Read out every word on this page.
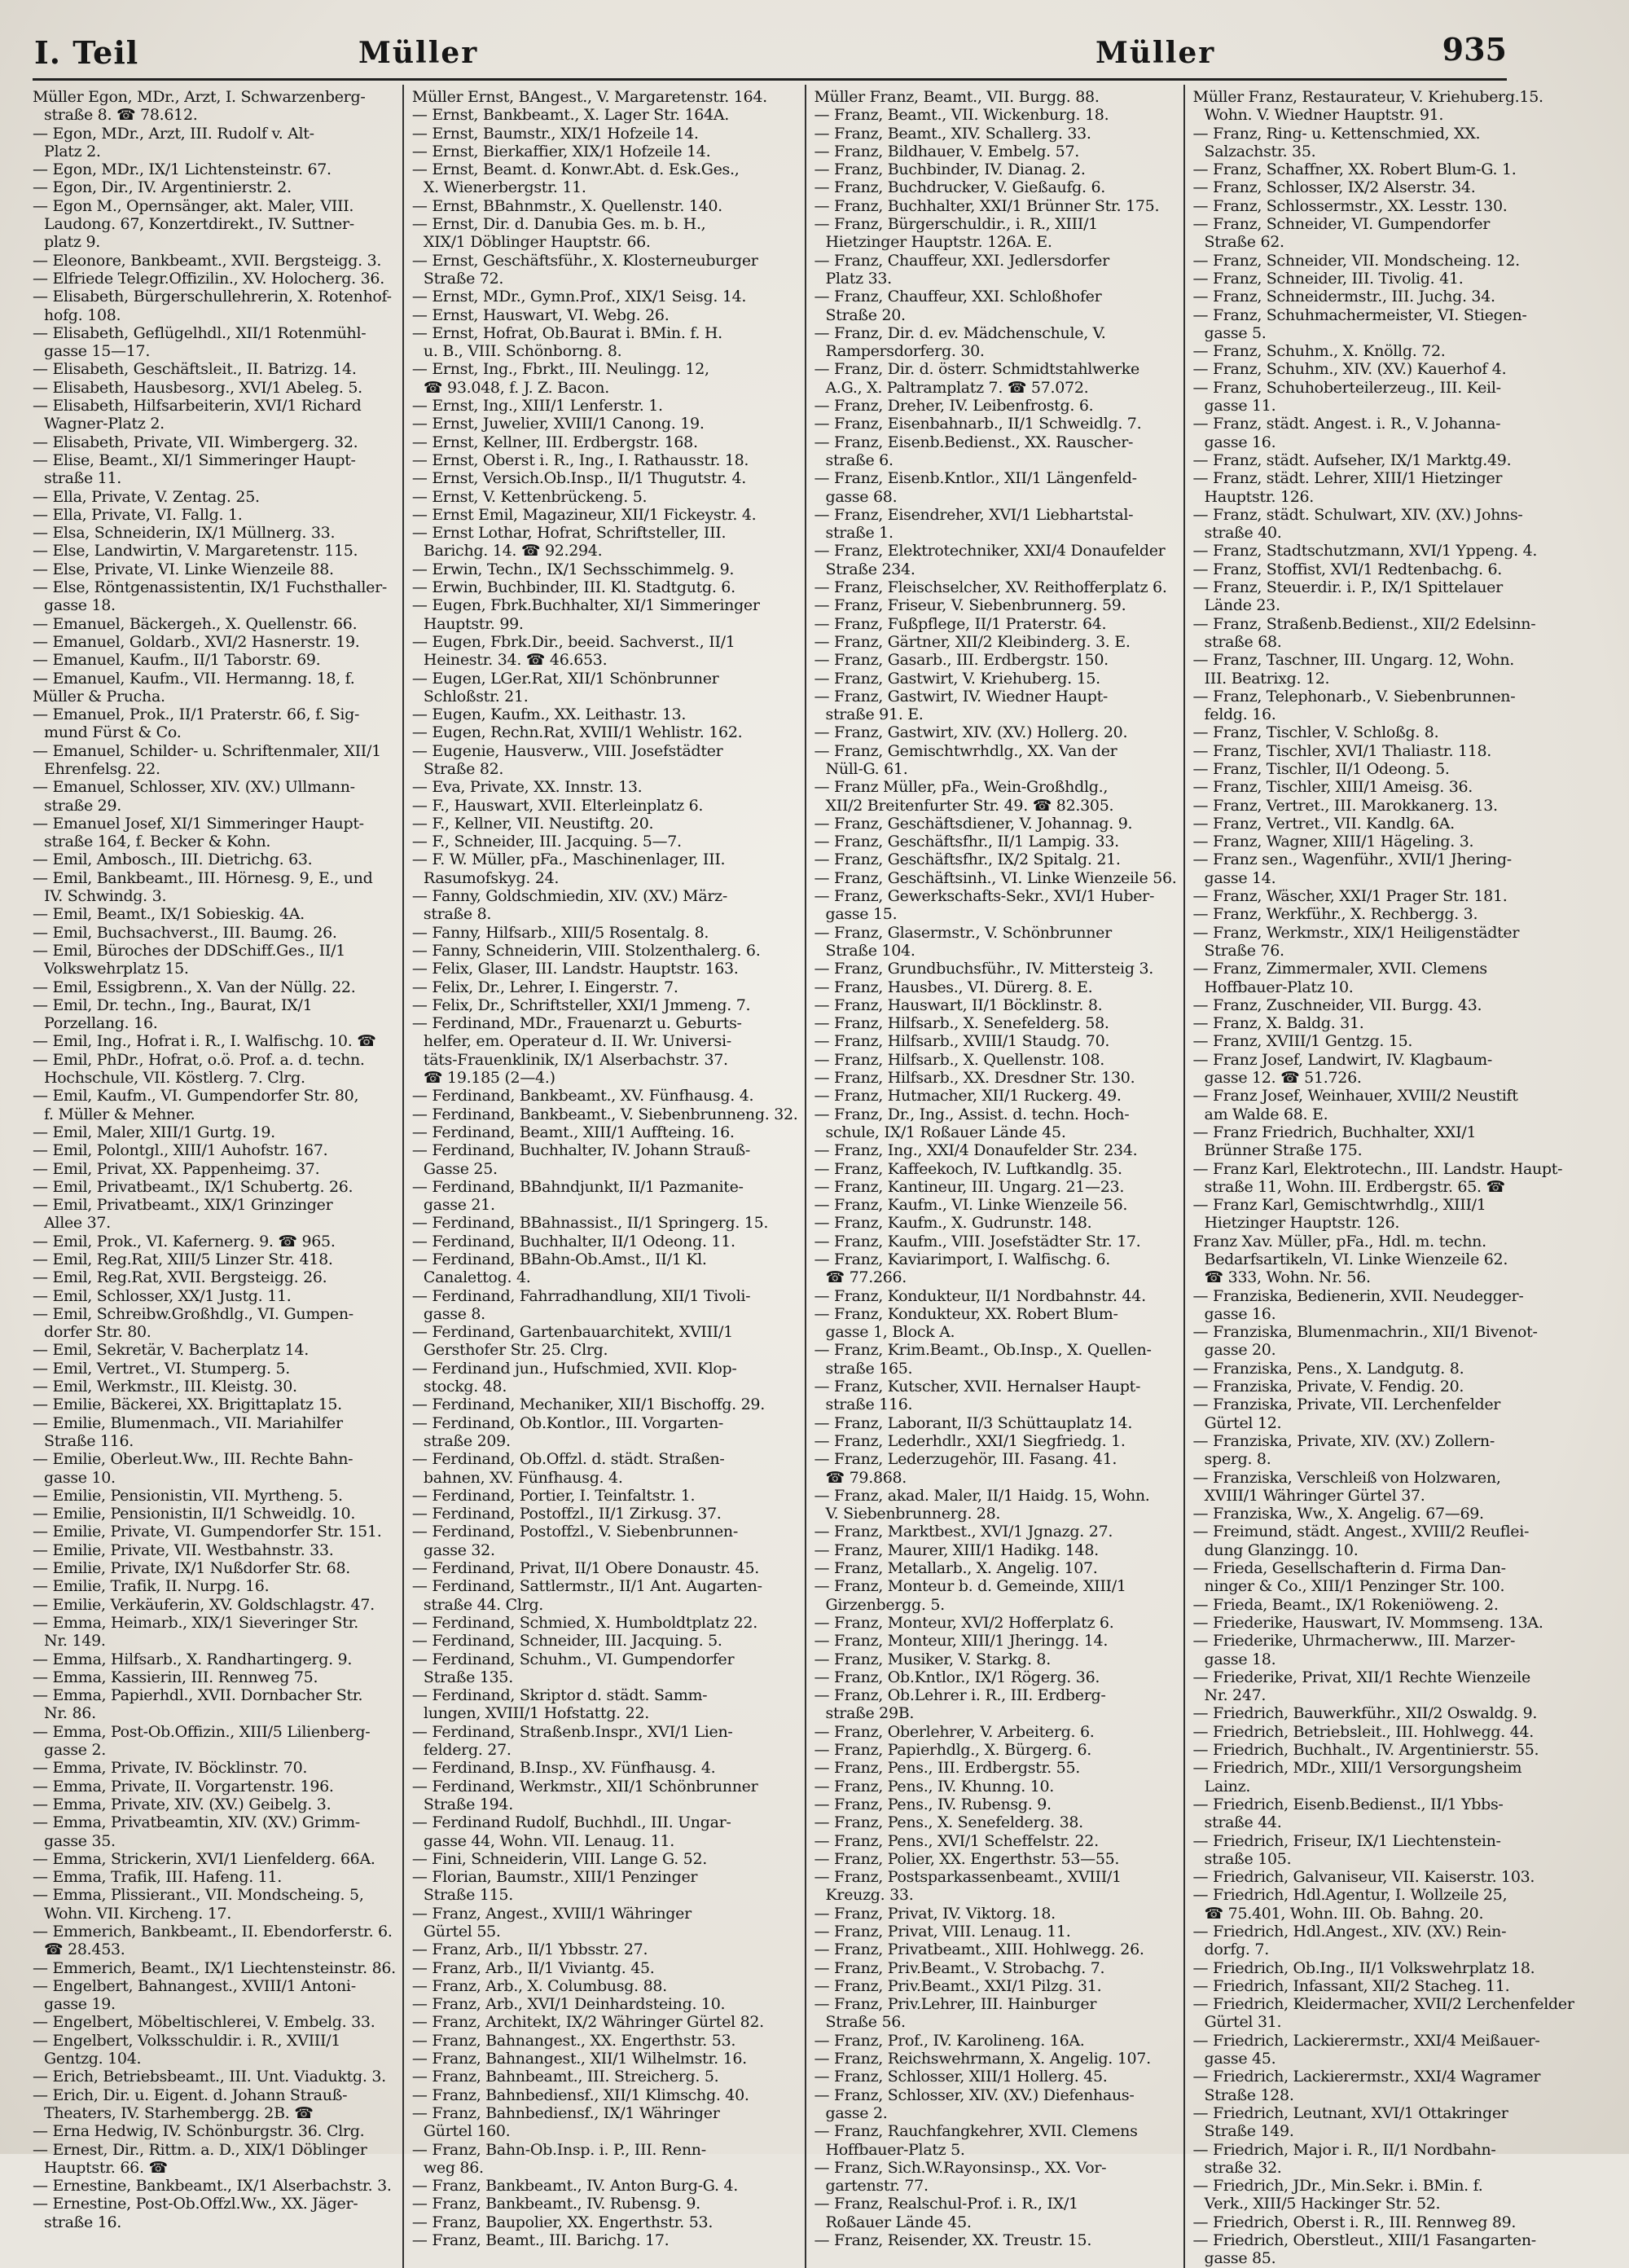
I. Teil	Müller	Müller	935
Müller Egon, MDr., Arzt, I. Schwarzenberg-
straße 8. ☎ 78.612.
— Egon, MDr., Arzt, III. Rudolf v. Alt-
Platz 2.
— Egon, MDr., IX/1 Lichtensteinstr. 67.
— Egon, Dir., IV. Argentinierstr. 2.
— Egon M., Opernsänger, akt. Maler, VIII.
Laudong. 67, Konzertdirekt., IV. Suttner-
platz 9.
— Eleonore, Bankbeamt., XVII. Bergsteigg. 3.
— Elfriede Telegr.Offizilin., XV. Holocherg. 36.
— Elisabeth, Bürgerschullehrerin, X. Rotenhof-
hofg. 108.
— Elisabeth, Geflügelhdl., XII/1 Rotenmühl-
gasse 15—17.
— Elisabeth, Geschäftsleit., II. Batrizg. 14.
— Elisabeth, Hausbesorg., XVI/1 Abeleg. 5.
— Elisabeth, Hilfsarbeiterin, XVI/1 Richard
Wagner-Platz 2.
— Elisabeth, Private, VII. Wimbergerg. 32.
— Elise, Beamt., XI/1 Simmeringer Haupt-
straße 11.
— Ella, Private, V. Zentag. 25.
— Ella, Private, VI. Fallg. 1.
— Elsa, Schneiderin, IX/1 Müllnerg. 33.
— Else, Landwirtin, V. Margaretenstr. 115.
— Else, Private, VI. Linke Wienzeile 88.
— Else, Röntgenassistentin, IX/1 Fuchsthaller-
gasse 18.
— Emanuel, Bäckergeh., X. Quellenstr. 66.
— Emanuel, Goldarb., XVI/2 Hasnerstr. 19.
— Emanuel, Kaufm., II/1 Taborstr. 69.
— Emanuel, Kaufm., VII. Hermanng. 18, f.
Müller & Prucha.
— Emanuel, Prok., II/1 Praterstr. 66, f. Sig-
mund Fürst & Co.
— Emanuel, Schilder- u. Schriftenmaler, XII/1
Ehrenfelsg. 22.
— Emanuel, Schlosser, XIV. (XV.) Ullmann-
straße 29.
— Emanuel Josef, XI/1 Simmeringer Haupt-
straße 164, f. Becker & Kohn.
— Emil, Ambosch., III. Dietrichg. 63.
— Emil, Bankbeamt., III. Hörnesg. 9, E., und
IV. Schwindg. 3.
— Emil, Beamt., IX/1 Sobieskig. 4A.
— Emil, Buchsachverst., III. Baumg. 26.
— Emil, Büroches der DDSchiff.Ges., II/1
Volkswehrplatz 15.
— Emil, Essigbrenn., X. Van der Nüllg. 22.
— Emil, Dr. techn., Ing., Baurat, IX/1
Porzellang. 16.
— Emil, Ing., Hofrat i. R., I. Walfischg. 10. ☎
— Emil, PhDr., Hofrat, o.ö. Prof. a. d. techn.
Hochschule, VII. Köstlerg. 7. Clrg.
— Emil, Kaufm., VI. Gumpendorfer Str. 80,
f. Müller & Mehner.
— Emil, Maler, XIII/1 Gurtg. 19.
— Emil, Polontgl., XIII/1 Auhofstr. 167.
— Emil, Privat, XX. Pappenheimg. 37.
— Emil, Privatbeamt., IX/1 Schubertg. 26.
— Emil, Privatbeamt., XIX/1 Grinzinger
Allee 37.
— Emil, Prok., VI. Kafernerg. 9. ☎ 965.
— Emil, Reg.Rat, XIII/5 Linzer Str. 418.
— Emil, Reg.Rat, XVII. Bergsteigg. 26.
— Emil, Schlosser, XX/1 Justg. 11.
— Emil, Schreibw.Großhdlg., VI. Gumpen-
dorfer Str. 80.
— Emil, Sekretär, V. Bacherplatz 14.
— Emil, Vertret., VI. Stumperg. 5.
— Emil, Werkmstr., III. Kleistg. 30.
— Emilie, Bäckerei, XX. Brigittaplatz 15.
— Emilie, Blumenmach., VII. Mariahilfer
Straße 116.
— Emilie, Oberleut.Ww., III. Rechte Bahn-
gasse 10.
— Emilie, Pensionistin, VII. Myrtheng. 5.
— Emilie, Pensionistin, II/1 Schweidlg. 10.
— Emilie, Private, VI. Gumpendorfer Str. 151.
— Emilie, Private, VII. Westbahnstr. 33.
— Emilie, Private, IX/1 Nußdorfer Str. 68.
— Emilie, Trafik, II. Nurpg. 16.
— Emilie, Verkäuferin, XV. Goldschlagstr. 47.
— Emma, Heimarb., XIX/1 Sieveringer Str.
Nr. 149.
— Emma, Hilfsarb., X. Randhartingerg. 9.
— Emma, Kassierin, III. Rennweg 75.
— Emma, Papierhdl., XVII. Dornbacher Str.
Nr. 86.
— Emma, Post-Ob.Offizin., XIII/5 Lilienberg-
gasse 2.
— Emma, Private, IV. Böcklinstr. 70.
— Emma, Private, II. Vorgartenstr. 196.
— Emma, Private, XIV. (XV.) Geibelg. 3.
— Emma, Privatbeamtin, XIV. (XV.) Grimm-
gasse 35.
— Emma, Strickerin, XVI/1 Lienfelderg. 66A.
— Emma, Trafik, III. Hafeng. 11.
— Emma, Plissierant., VII. Mondscheing. 5,
Wohn. VII. Kircheng. 17.
— Emmerich, Bankbeamt., II. Ebendorferstr. 6.
☎ 28.453.
— Emmerich, Beamt., IX/1 Liechtensteinstr. 86.
— Engelbert, Bahnangest., XVIII/1 Antoni-
gasse 19.
— Engelbert, Möbeltischlerei, V. Embelg. 33.
— Engelbert, Volksschuldir. i. R., XVIII/1
Gentzg. 104.
— Erich, Betriebsbeamt., III. Unt. Viaduktg. 3.
— Erich, Dir. u. Eigent. d. Johann Strauß-
Theaters, IV. Starhembergg. 2B. ☎
— Erna Hedwig, IV. Schönburgstr. 36. Clrg.
— Ernest, Dir., Rittm. a. D., XIX/1 Döblinger
Hauptstr. 66. ☎
— Ernestine, Bankbeamt., IX/1 Alserbachstr. 3.
— Ernestine, Post-Ob.Offzl.Ww., XX. Jäger-
straße 16.
Müller Ernst, BAngest., V. Margaretenstr. 164.
— Ernst, Bankbeamt., X. Lager Str. 164A.
— Ernst, Baumstr., XIX/1 Hofzeile 14.
— Ernst, Bierkaffier, XIX/1 Hofzeile 14.
— Ernst, Beamt. d. Konwr.Abt. d. Esk.Ges.,
X. Wienerbergstr. 11.
— Ernst, BBahnmstr., X. Quellenstr. 140.
— Ernst, Dir. d. Danubia Ges. m. b. H.,
XIX/1 Döblinger Hauptstr. 66.
— Ernst, Geschäftsführ., X. Klosterneuburger
Straße 72.
— Ernst, MDr., Gymn.Prof., XIX/1 Seisg. 14.
— Ernst, Hauswart, VI. Webg. 26.
— Ernst, Hofrat, Ob.Baurat i. BMin. f. H.
u. B., VIII. Schönborng. 8.
— Ernst, Ing., Fbrkt., III. Neulingg. 12,
☎ 93.048, f. J. Z. Bacon.
— Ernst, Ing., XIII/1 Lenferstr. 1.
— Ernst, Juwelier, XVIII/1 Canong. 19.
— Ernst, Kellner, III. Erdbergstr. 168.
— Ernst, Oberst i. R., Ing., I. Rathausstr. 18.
— Ernst, Versich.Ob.Insp., II/1 Thugutstr. 4.
— Ernst, V. Kettenbrückeng. 5.
— Ernst Emil, Magazineur, XII/1 Fickeystr. 4.
— Ernst Lothar, Hofrat, Schriftsteller, III.
Barichg. 14. ☎ 92.294.
— Erwin, Techn., IX/1 Sechsschimmelg. 9.
— Erwin, Buchbinder, III. Kl. Stadtgutg. 6.
— Eugen, Fbrk.Buchhalter, XI/1 Simmeringer
Hauptstr. 99.
— Eugen, Fbrk.Dir., beeid. Sachverst., II/1
Heinestr. 34. ☎ 46.653.
— Eugen, LGer.Rat, XII/1 Schönbrunner
Schloßstr. 21.
— Eugen, Kaufm., XX. Leithastr. 13.
— Eugen, Rechn.Rat, XVIII/1 Wehlistr. 162.
— Eugenie, Hausverw., VIII. Josefstädter
Straße 82.
— Eva, Private, XX. Innstr. 13.
— F., Hauswart, XVII. Elterleinplatz 6.
— F., Kellner, VII. Neustiftg. 20.
— F., Schneider, III. Jacquing. 5—7.
— F. W. Müller, pFa., Maschinenlager, III.
Rasumofskyg. 24.
— Fanny, Goldschmiedin, XIV. (XV.) März-
straße 8.
— Fanny, Hilfsarb., XIII/5 Rosentalg. 8.
— Fanny, Schneiderin, VIII. Stolzenthalerg. 6.
— Felix, Glaser, III. Landstr. Hauptstr. 163.
— Felix, Dr., Lehrer, I. Eingerstr. 7.
— Felix, Dr., Schriftsteller, XXI/1 Jmmeng. 7.
— Ferdinand, MDr., Frauenarzt u. Geburts-
helfer, em. Operateur d. II. Wr. Universi-
täts-Frauenklinik, IX/1 Alserbachstr. 37.
☎ 19.185 (2—4.)
— Ferdinand, Bankbeamt., XV. Fünfhausg. 4.
— Ferdinand, Bankbeamt., V. Siebenbrunneng. 32.
— Ferdinand, Beamt., XIII/1 Auffteing. 16.
— Ferdinand, Buchhalter, IV. Johann Strauß-
Gasse 25.
— Ferdinand, BBahndjunkt, II/1 Pazmanite-
gasse 21.
— Ferdinand, BBahnassist., II/1 Springerg. 15.
— Ferdinand, Buchhalter, II/1 Odeong. 11.
— Ferdinand, BBahn-Ob.Amst., II/1 Kl.
Canalettog. 4.
— Ferdinand, Fahrradhandlung, XII/1 Tivoli-
gasse 8.
— Ferdinand, Gartenbauarchitekt, XVIII/1
Gersthofer Str. 25. Clrg.
— Ferdinand jun., Hufschmied, XVII. Klop-
stockg. 48.
— Ferdinand, Mechaniker, XII/1 Bischoffg. 29.
— Ferdinand, Ob.Kontlor., III. Vorgarten-
straße 209.
— Ferdinand, Ob.Offzl. d. städt. Straßen-
bahnen, XV. Fünfhausg. 4.
— Ferdinand, Portier, I. Teinfaltstr. 1.
— Ferdinand, Postoffzl., II/1 Zirkusg. 37.
— Ferdinand, Postoffzl., V. Siebenbrunnen-
gasse 32.
— Ferdinand, Privat, II/1 Obere Donaustr. 45.
— Ferdinand, Sattlermstr., II/1 Ant. Augarten-
straße 44. Clrg.
— Ferdinand, Schmied, X. Humboldtplatz 22.
— Ferdinand, Schneider, III. Jacquing. 5.
— Ferdinand, Schuhm., VI. Gumpendorfer
Straße 135.
— Ferdinand, Skriptor d. städt. Samm-
lungen, XVIII/1 Hofstattg. 22.
— Ferdinand, Straßenb.Inspr., XVI/1 Lien-
felderg. 27.
— Ferdinand, B.Insp., XV. Fünfhausg. 4.
— Ferdinand, Werkmstr., XII/1 Schönbrunner
Straße 194.
— Ferdinand Rudolf, Buchhdl., III. Ungar-
gasse 44, Wohn. VII. Lenaug. 11.
— Fini, Schneiderin, VIII. Lange G. 52.
— Florian, Baumstr., XIII/1 Penzinger
Straße 115.
— Franz, Angest., XVIII/1 Währinger
Gürtel 55.
— Franz, Arb., II/1 Ybbsstr. 27.
— Franz, Arb., II/1 Viviantg. 45.
— Franz, Arb., X. Columbusg. 88.
— Franz, Arb., XVI/1 Deinhardsteing. 10.
— Franz, Architekt, IX/2 Währinger Gürtel 82.
— Franz, Bahnangest., XX. Engerthstr. 53.
— Franz, Bahnangest., XII/1 Wilhelmstr. 16.
— Franz, Bahnbeamt., III. Streicherg. 5.
— Franz, Bahnbediensf., XII/1 Klimschg. 40.
— Franz, Bahnbediensf., IX/1 Währinger
Gürtel 160.
— Franz, Bahn-Ob.Insp. i. P., III. Renn-
weg 86.
— Franz, Bankbeamt., IV. Anton Burg-G. 4.
— Franz, Bankbeamt., IV. Rubensg. 9.
— Franz, Baupolier, XX. Engerthstr. 53.
— Franz, Beamt., III. Barichg. 17.
Müller Franz, Beamt., VII. Burgg. 88.
— Franz, Beamt., VII. Wickenburg. 18.
— Franz, Beamt., XIV. Schallerg. 33.
— Franz, Bildhauer, V. Embelg. 57.
— Franz, Buchbinder, IV. Dianag. 2.
— Franz, Buchdrucker, V. Gießaufg. 6.
— Franz, Buchhalter, XXI/1 Brünner Str. 175.
— Franz, Bürgerschuldir., i. R., XIII/1
Hietzinger Hauptstr. 126A. E.
— Franz, Chauffeur, XXI. Jedlersdorfer
Platz 33.
— Franz, Chauffeur, XXI. Schloßhofer
Straße 20.
— Franz, Dir. d. ev. Mädchenschule, V.
Rampersdorferg. 30.
— Franz, Dir. d. österr. Schmidtstahlwerke
A.G., X. Paltramplatz 7. ☎ 57.072.
— Franz, Dreher, IV. Leibenfrostg. 6.
— Franz, Eisenbahnarb., II/1 Schweidlg. 7.
— Franz, Eisenb.Bedienst., XX. Rauscher-
straße 6.
— Franz, Eisenb.Kntlor., XII/1 Längenfeld-
gasse 68.
— Franz, Eisendreher, XVI/1 Liebhartstal-
straße 1.
— Franz, Elektrotechniker, XXI/4 Donaufelder
Straße 234.
— Franz, Fleischselcher, XV. Reithofferplatz 6.
— Franz, Friseur, V. Siebenbrunnerg. 59.
— Franz, Fußpflege, II/1 Praterstr. 64.
— Franz, Gärtner, XII/2 Kleibinderg. 3. E.
— Franz, Gasarb., III. Erdbergstr. 150.
— Franz, Gastwirt, V. Kriehuberg. 15.
— Franz, Gastwirt, IV. Wiedner Haupt-
straße 91. E.
— Franz, Gastwirt, XIV. (XV.) Hollerg. 20.
— Franz, Gemischtwrhdlg., XX. Van der
Nüll-G. 61.
— Franz Müller, pFa., Wein-Großhdlg.,
XII/2 Breitenfurter Str. 49. ☎ 82.305.
— Franz, Geschäftsdiener, V. Johannag. 9.
— Franz, Geschäftsfhr., II/1 Lampig. 33.
— Franz, Geschäftsfhr., IX/2 Spitalg. 21.
— Franz, Geschäftsinh., VI. Linke Wienzeile 56.
— Franz, Gewerkschafts-Sekr., XVI/1 Huber-
gasse 15.
— Franz, Glasermstr., V. Schönbrunner
Straße 104.
— Franz, Grundbuchsführ., IV. Mittersteig 3.
— Franz, Hausbes., VI. Dürerg. 8. E.
— Franz, Hauswart, II/1 Böcklinstr. 8.
— Franz, Hilfsarb., X. Senefelderg. 58.
— Franz, Hilfsarb., XVIII/1 Staudg. 70.
— Franz, Hilfsarb., X. Quellenstr. 108.
— Franz, Hilfsarb., XX. Dresdner Str. 130.
— Franz, Hutmacher, XII/1 Ruckerg. 49.
— Franz, Dr., Ing., Assist. d. techn. Hoch-
schule, IX/1 Roßauer Lände 45.
— Franz, Ing., XXI/4 Donaufelder Str. 234.
— Franz, Kaffeekoch, IV. Luftkandlg. 35.
— Franz, Kantineur, III. Ungarg. 21—23.
— Franz, Kaufm., VI. Linke Wienzeile 56.
— Franz, Kaufm., X. Gudrunstr. 148.
— Franz, Kaufm., VIII. Josefstädter Str. 17.
— Franz, Kaviarimport, I. Walfischg. 6.
☎ 77.266.
— Franz, Kondukteur, II/1 Nordbahnstr. 44.
— Franz, Kondukteur, XX. Robert Blum-
gasse 1, Block A.
— Franz, Krim.Beamt., Ob.Insp., X. Quellen-
straße 165.
— Franz, Kutscher, XVII. Hernalser Haupt-
straße 116.
— Franz, Laborant, II/3 Schüttauplatz 14.
— Franz, Lederhdlr., XXI/1 Siegfriedg. 1.
— Franz, Lederzugehör, III. Fasang. 41.
☎ 79.868.
— Franz, akad. Maler, II/1 Haidg. 15, Wohn.
V. Siebenbrunnerg. 28.
— Franz, Marktbest., XVI/1 Jgnazg. 27.
— Franz, Maurer, XIII/1 Hadikg. 148.
— Franz, Metallarb., X. Angelig. 107.
— Franz, Monteur b. d. Gemeinde, XIII/1
Girzenbergg. 5.
— Franz, Monteur, XVI/2 Hofferplatz 6.
— Franz, Monteur, XIII/1 Jheringg. 14.
— Franz, Musiker, V. Starkg. 8.
— Franz, Ob.Kntlor., IX/1 Rögerg. 36.
— Franz, Ob.Lehrer i. R., III. Erdberg-
straße 29B.
— Franz, Oberlehrer, V. Arbeiterg. 6.
— Franz, Papierhdlg., X. Bürgerg. 6.
— Franz, Pens., III. Erdbergstr. 55.
— Franz, Pens., IV. Khunng. 10.
— Franz, Pens., IV. Rubensg. 9.
— Franz, Pens., X. Senefelderg. 38.
— Franz, Pens., XVI/1 Scheffelstr. 22.
— Franz, Polier, XX. Engerthstr. 53—55.
— Franz, Postsparkassenbeamt., XVIII/1
Kreuzg. 33.
— Franz, Privat, IV. Viktorg. 18.
— Franz, Privat, VIII. Lenaug. 11.
— Franz, Privatbeamt., XIII. Hohlwegg. 26.
— Franz, Priv.Beamt., V. Strobachg. 7.
— Franz, Priv.Beamt., XXI/1 Pilzg. 31.
— Franz, Priv.Lehrer, III. Hainburger
Straße 56.
— Franz, Prof., IV. Karolineng. 16A.
— Franz, Reichswehrmann, X. Angelig. 107.
— Franz, Schlosser, XIII/1 Hollerg. 45.
— Franz, Schlosser, XIV. (XV.) Diefenhaus-
gasse 2.
— Franz, Rauchfangkehrer, XVII. Clemens
Hoffbauer-Platz 5.
— Franz, Sich.W.Rayonsinsp., XX. Vor-
gartenstr. 77.
— Franz, Realschul-Prof. i. R., IX/1
Roßauer Lände 45.
— Franz, Reisender, XX. Treustr. 15.
Müller Franz, Restaurateur, V. Kriehuberg.15.
Wohn. V. Wiedner Hauptstr. 91.
— Franz, Ring- u. Kettenschmied, XX.
Salzachstr. 35.
— Franz, Schaffner, XX. Robert Blum-G. 1.
— Franz, Schlosser, IX/2 Alserstr. 34.
— Franz, Schlossermstr., XX. Lesstr. 130.
— Franz, Schneider, VI. Gumpendorfer
Straße 62.
— Franz, Schneider, VII. Mondscheing. 12.
— Franz, Schneider, III. Tivolig. 41.
— Franz, Schneidermstr., III. Juchg. 34.
— Franz, Schuhmachermeister, VI. Stiegen-
gasse 5.
— Franz, Schuhm., X. Knöllg. 72.
— Franz, Schuhm., XIV. (XV.) Kauerhof 4.
— Franz, Schuhoberteilerzeug., III. Keil-
gasse 11.
— Franz, städt. Angest. i. R., V. Johanna-
gasse 16.
— Franz, städt. Aufseher, IX/1 Marktg.49.
— Franz, städt. Lehrer, XIII/1 Hietzinger
Hauptstr. 126.
— Franz, städt. Schulwart, XIV. (XV.) Johns-
straße 40.
— Franz, Stadtschutzmann, XVI/1 Yppeng. 4.
— Franz, Stoffist, XVI/1 Redtenbachg. 6.
— Franz, Steuerdir. i. P., IX/1 Spittelauer
Lände 23.
— Franz, Straßenb.Bedienst., XII/2 Edelsinn-
straße 68.
— Franz, Taschner, III. Ungarg. 12, Wohn.
III. Beatrixg. 12.
— Franz, Telephonarb., V. Siebenbrunnen-
feldg. 16.
— Franz, Tischler, V. Schloßg. 8.
— Franz, Tischler, XVI/1 Thaliastr. 118.
— Franz, Tischler, II/1 Odeong. 5.
— Franz, Tischler, XIII/1 Ameisg. 36.
— Franz, Vertret., III. Marokkanerg. 13.
— Franz, Vertret., VII. Kandlg. 6A.
— Franz, Wagner, XIII/1 Hägeling. 3.
— Franz sen., Wagenführ., XVII/1 Jhering-
gasse 14.
— Franz, Wäscher, XXI/1 Prager Str. 181.
— Franz, Werkführ., X. Rechbergg. 3.
— Franz, Werkmstr., XIX/1 Heiligenstädter
Straße 76.
— Franz, Zimmermaler, XVII. Clemens
Hoffbauer-Platz 10.
— Franz, Zuschneider, VII. Burgg. 43.
— Franz, X. Baldg. 31.
— Franz, XVIII/1 Gentzg. 15.
— Franz Josef, Landwirt, IV. Klagbaum-
gasse 12. ☎ 51.726.
— Franz Josef, Weinhauer, XVIII/2 Neustift
am Walde 68. E.
— Franz Friedrich, Buchhalter, XXI/1
Brünner Straße 175.
— Franz Karl, Elektrotechn., III. Landstr. Haupt-
straße 11, Wohn. III. Erdbergstr. 65. ☎
— Franz Karl, Gemischtwrhdlg., XIII/1
Hietzinger Hauptstr. 126.
Franz Xav. Müller, pFa., Hdl. m. techn.
Bedarfsartikeln, VI. Linke Wienzeile 62.
☎ 333, Wohn. Nr. 56.
— Franziska, Bedienerin, XVII. Neudegger-
gasse 16.
— Franziska, Blumenmachrin., XII/1 Bivenot-
gasse 20.
— Franziska, Pens., X. Landgutg. 8.
— Franziska, Private, V. Fendig. 20.
— Franziska, Private, VII. Lerchenfelder
Gürtel 12.
— Franziska, Private, XIV. (XV.) Zollern-
sperg. 8.
— Franziska, Verschleiß von Holzwaren,
XVIII/1 Währinger Gürtel 37.
— Franziska, Ww., X. Angelig. 67—69.
— Freimund, städt. Angest., XVIII/2 Reuflei-
dung Glanzingg. 10.
— Frieda, Gesellschafterin d. Firma Dan-
ninger & Co., XIII/1 Penzinger Str. 100.
— Frieda, Beamt., IX/1 Rokeniöweng. 2.
— Friederike, Hauswart, IV. Mommseng. 13A.
— Friederike, Uhrmacherww., III. Marzer-
gasse 18.
— Friederike, Privat, XII/1 Rechte Wienzeile
Nr. 247.
— Friedrich, Bauwerkführ., XII/2 Oswaldg. 9.
— Friedrich, Betriebsleit., III. Hohlwegg. 44.
— Friedrich, Buchhalt., IV. Argentinierstr. 55.
— Friedrich, MDr., XIII/1 Versorgungsheim
Lainz.
— Friedrich, Eisenb.Bedienst., II/1 Ybbs-
straße 44.
— Friedrich, Friseur, IX/1 Liechtenstein-
straße 105.
— Friedrich, Galvaniseur, VII. Kaiserstr. 103.
— Friedrich, Hdl.Agentur, I. Wollzeile 25,
☎ 75.401, Wohn. III. Ob. Bahng. 20.
— Friedrich, Hdl.Angest., XIV. (XV.) Rein-
dorfg. 7.
— Friedrich, Ob.Ing., II/1 Volkswehrplatz 18.
— Friedrich, Infassant, XII/2 Stacheg. 11.
— Friedrich, Kleidermacher, XVII/2 Lerchenfelder
Gürtel 31.
— Friedrich, Lackierermstr., XXI/4 Meißauer-
gasse 45.
— Friedrich, Lackierermstr., XXI/4 Wagramer
Straße 128.
— Friedrich, Leutnant, XVI/1 Ottakringer
Straße 149.
— Friedrich, Major i. R., II/1 Nordbahn-
straße 32.
— Friedrich, JDr., Min.Sekr. i. BMin. f.
Verk., XIII/5 Hackinger Str. 52.
— Friedrich, Oberst i. R., III. Rennweg 89.
— Friedrich, Oberstleut., XIII/1 Fasangarten-
gasse 85.
